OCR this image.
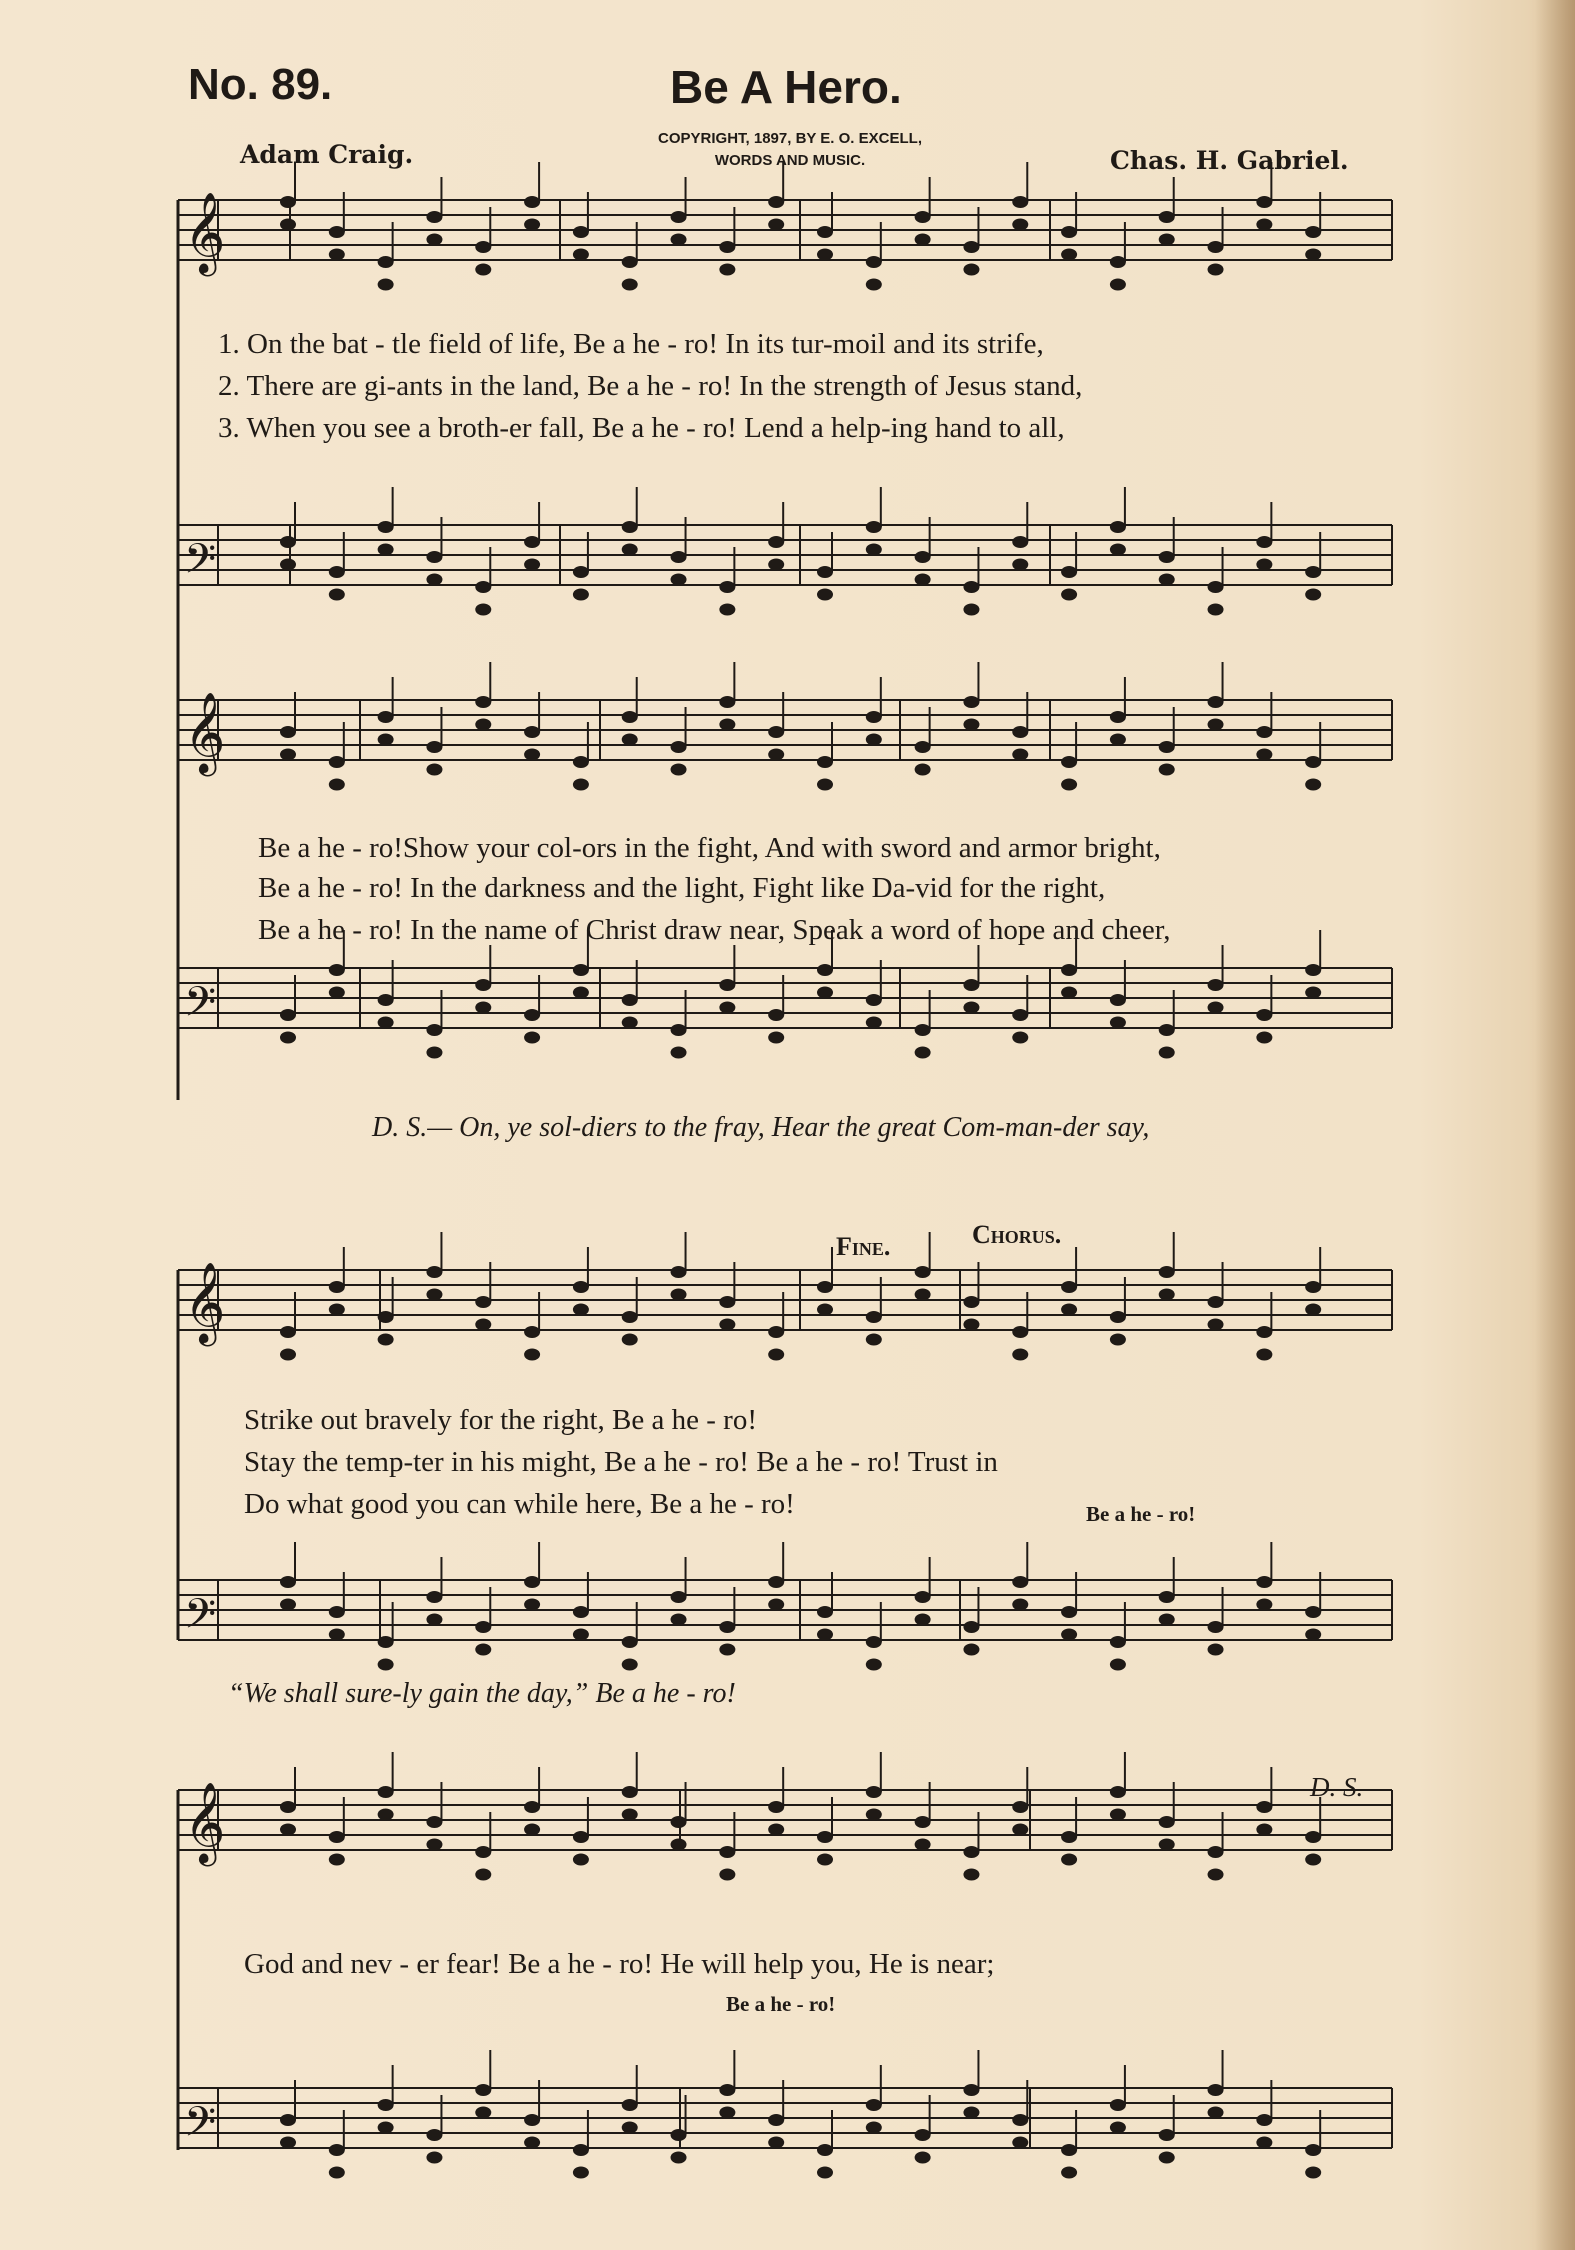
No. 89.	Be A Hero.
Adam Craig.
COPYRIGHT, 1897, BY E. O. EXCELL,
WORDS AND MUSIC.	Chas. H. Gabriel.
𝄞
𝄢
𝄞
𝄢
𝄞
𝄢
𝄞
𝄢
1. On the bat - tle field of life, Be a he - ro! In its tur-moil and its strife,
2. There are gi-ants in the land, Be a he - ro! In the strength of Jesus stand,
3. When you see a broth-er fall, Be a he - ro! Lend a help-ing hand to all,
Be a he - ro!Show your col-ors in the fight, And with sword and armor bright,
Be a he - ro! In the darkness and the light, Fight like Da-vid for the right,
Be a he - ro! In the name of Christ draw near, Speak a word of hope and cheer,
D. S.— On, ye sol-diers to the fray, Hear the great Com-man-der say,
Fine.	Chorus.
Strike out bravely for the right, Be a he - ro!
Stay the temp-ter in his might, Be a he - ro! Be a he - ro! Trust in
Do what good you can while here, Be a he - ro!	Be a he - ro!
“We shall sure-ly gain the day,” Be a he - ro!
D. S.
God and nev - er fear! Be a he - ro! He will help you, He is near;
Be a he - ro!
